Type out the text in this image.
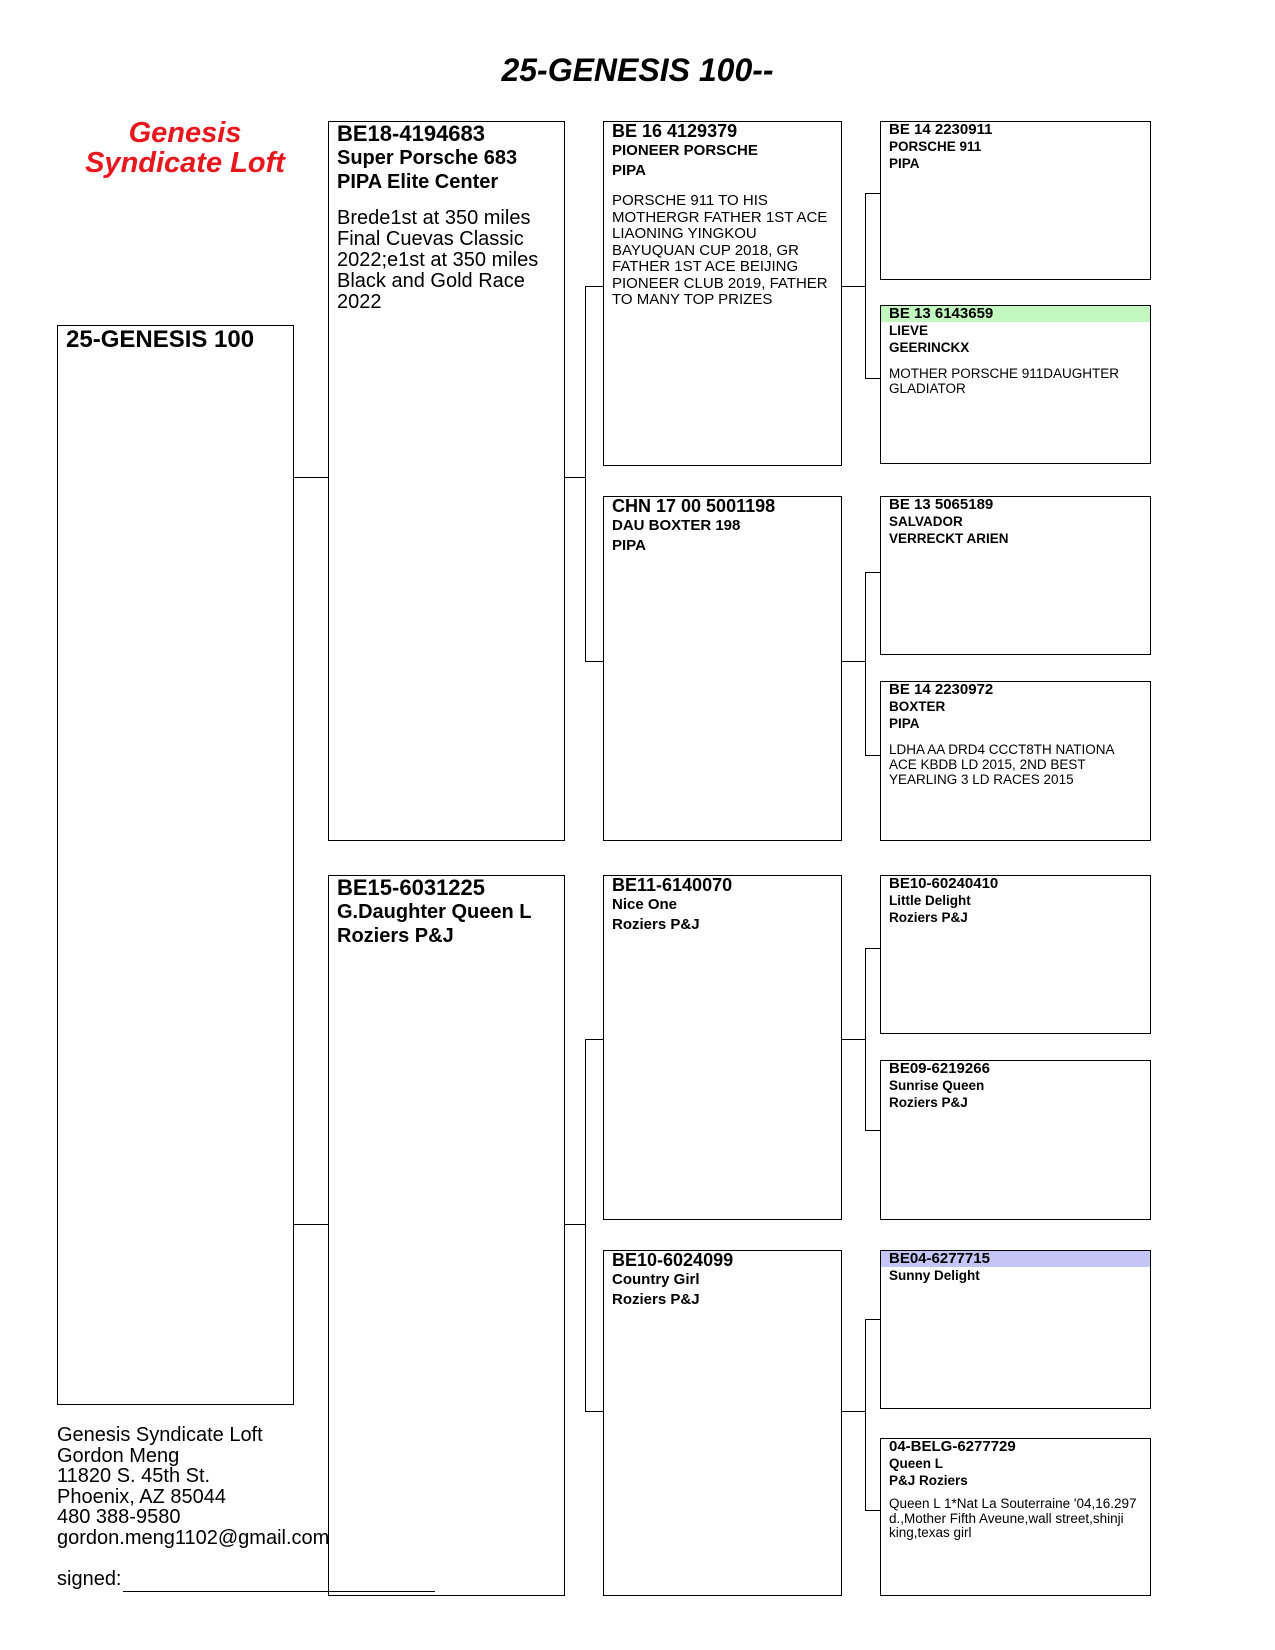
25-GENESIS 100--
Genesis
Syndicate Loft
25-GENESIS 100
BE18-4194683
Super Porsche 683
PIPA Elite Center
Brede1st at 350 miles Final Cuevas Classic 2022;e1st at 350 miles Black and Gold Race 2022
BE15-6031225
G.Daughter Queen L
Roziers P&J
BE 16 4129379
PIONEER PORSCHE
PIPA
PORSCHE 911 TO HIS MOTHERGR FATHER 1ST ACE LIAONING YINGKOU BAYUQUAN CUP 2018, GR FATHER 1ST ACE BEIJING PIONEER CLUB 2019, FATHER TO MANY TOP PRIZES
CHN 17 00 5001198
DAU BOXTER 198
PIPA
BE11-6140070
Nice One
Roziers P&J
BE10-6024099
Country Girl
Roziers P&J
BE 14 2230911
PORSCHE 911
PIPA
BE 13 6143659
LIEVE
GEERINCKX
MOTHER PORSCHE 911DAUGHTER GLADIATOR
BE 13 5065189
SALVADOR
VERRECKT ARIEN
BE 14 2230972
BOXTER
PIPA
LDHA AA DRD4 CCCT8TH NATIONA ACE KBDB LD 2015, 2ND BEST YEARLING 3 LD RACES 2015
BE10-60240410
Little Delight
Roziers P&J
BE09-6219266
Sunrise Queen
Roziers P&J
BE04-6277715
Sunny Delight
04-BELG-6277729
Queen L
P&J Roziers
Queen L 1*Nat La Souterraine '04,16.297 d.,Mother Fifth Aveune,wall street,shinji king,texas girl
Genesis Syndicate Loft
Gordon Meng
11820 S. 45th St.
Phoenix, AZ 85044
480 388-9580
gordon.meng1102@gmail.com
signed:
